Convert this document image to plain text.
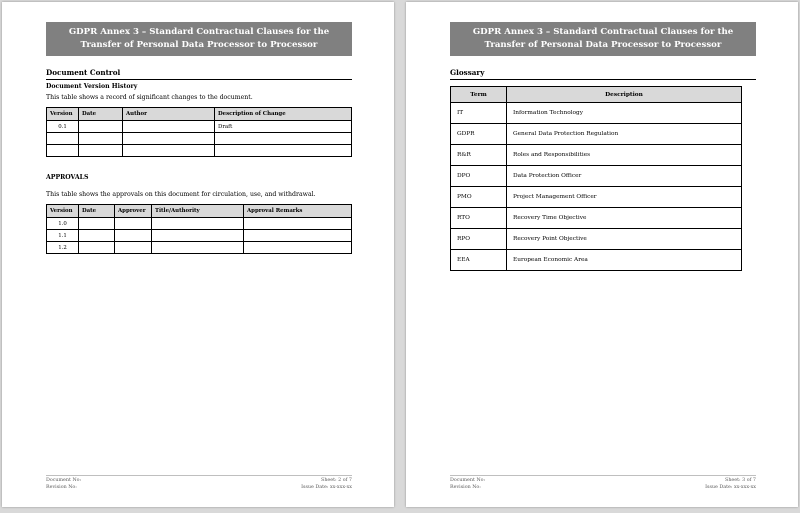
GDPR Annex 3 – Standard Contractual Clauses for the
Transfer of Personal Data Processor to Processor
Document Control
Document Version History
This table shows a record of significant changes to the document.
Version	Date	Author	Description of Change
0.1			Draft

APPROVALS
This table shows the approvals on this document for circulation, use, and withdrawal.
Version	Date	Approver	Title/Authority	Approval Remarks
1.0				
1.1				
1.2				
Document No:
Revision No:
Sheet: 2 of 7
Issue Date: xx-xxx-xx
GDPR Annex 3 – Standard Contractual Clauses for the
Transfer of Personal Data Processor to Processor
Glossary
Term	Description
IT	Information Technology
GDPR	General Data Protection Regulation
R&R	Roles and Responsibilities
DPO	Data Protection Officer
PMO	Project Management Officer
RTO	Recovery Time Objective
RPO	Recovery Point Objective
EEA	European Economic Area
Document No:
Revision No:
Sheet: 3 of 7
Issue Date: xx-xxx-xx
